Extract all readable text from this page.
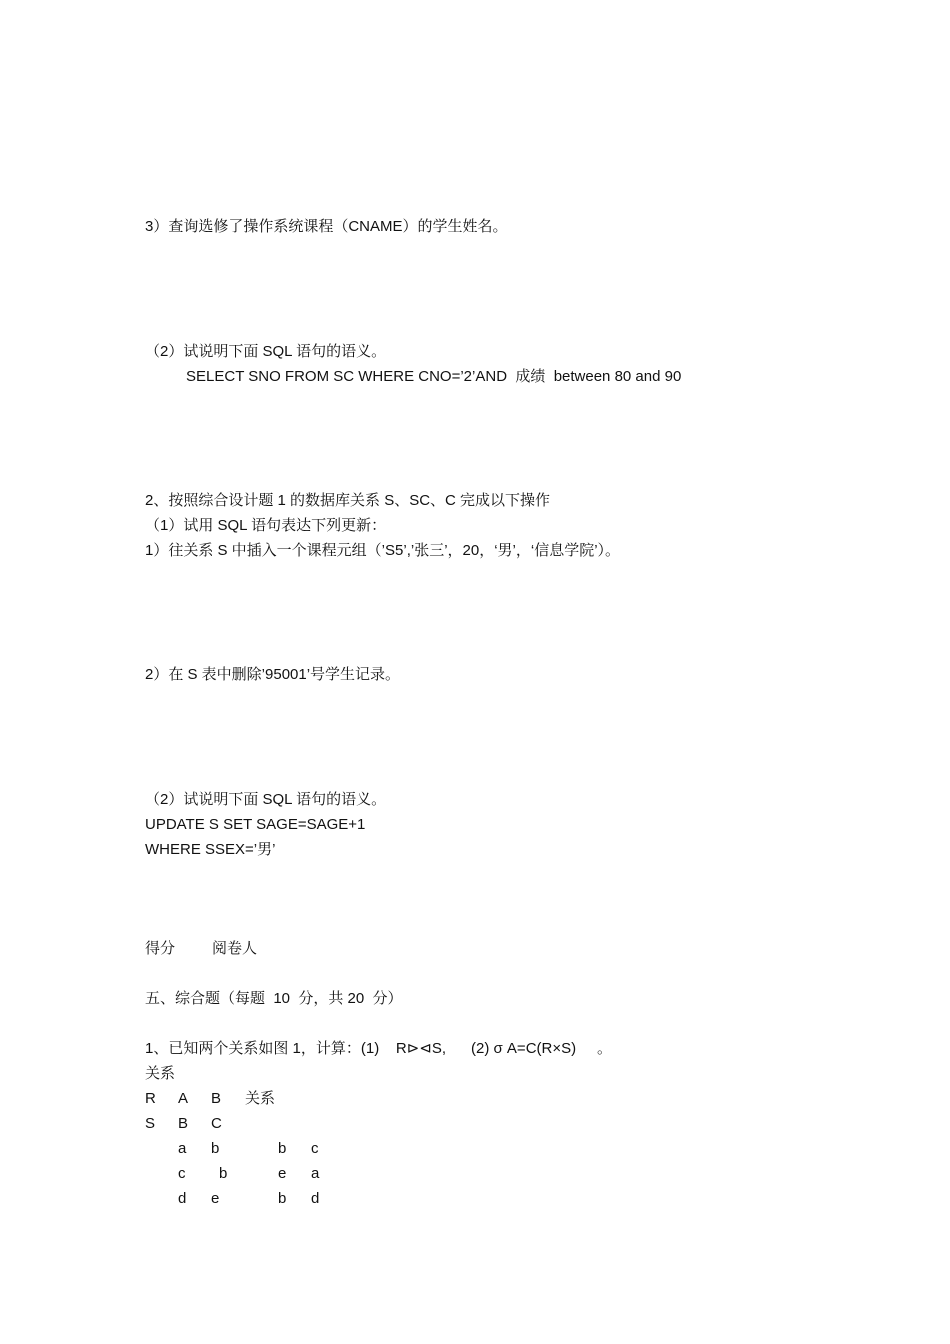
3）查询选修了操作系统课程（CNAME）的学生姓名。
（2）试说明下面 SQL 语句的语义。
SELECT SNO FROM SC WHERE CNO=’2’AND  成绩  between 80 and 90
2、按照综合设计题 1 的数据库关系 S、SC、C 完成以下操作
（1）试用 SQL 语句表达下列更新：
1）往关系 S 中插入一个课程元组（’S5’,’张三’，20，‘男’，‘信息学院’）。
2）在 S 表中删除’95001’号学生记录。
（2）试说明下面 SQL 语句的语义。
UPDATE S SET SAGE=SAGE+1
WHERE SSEX=’男’
得分 阅卷人
五、综合题（每题  10  分，共 20  分）
1、已知两个关系如图 1，计算：(1)    R⊳⊲S,      (2) σ A=C(R×S)     。
关系
R A B 关系
S B C
a b	b c
c b	e a
d e	b d
